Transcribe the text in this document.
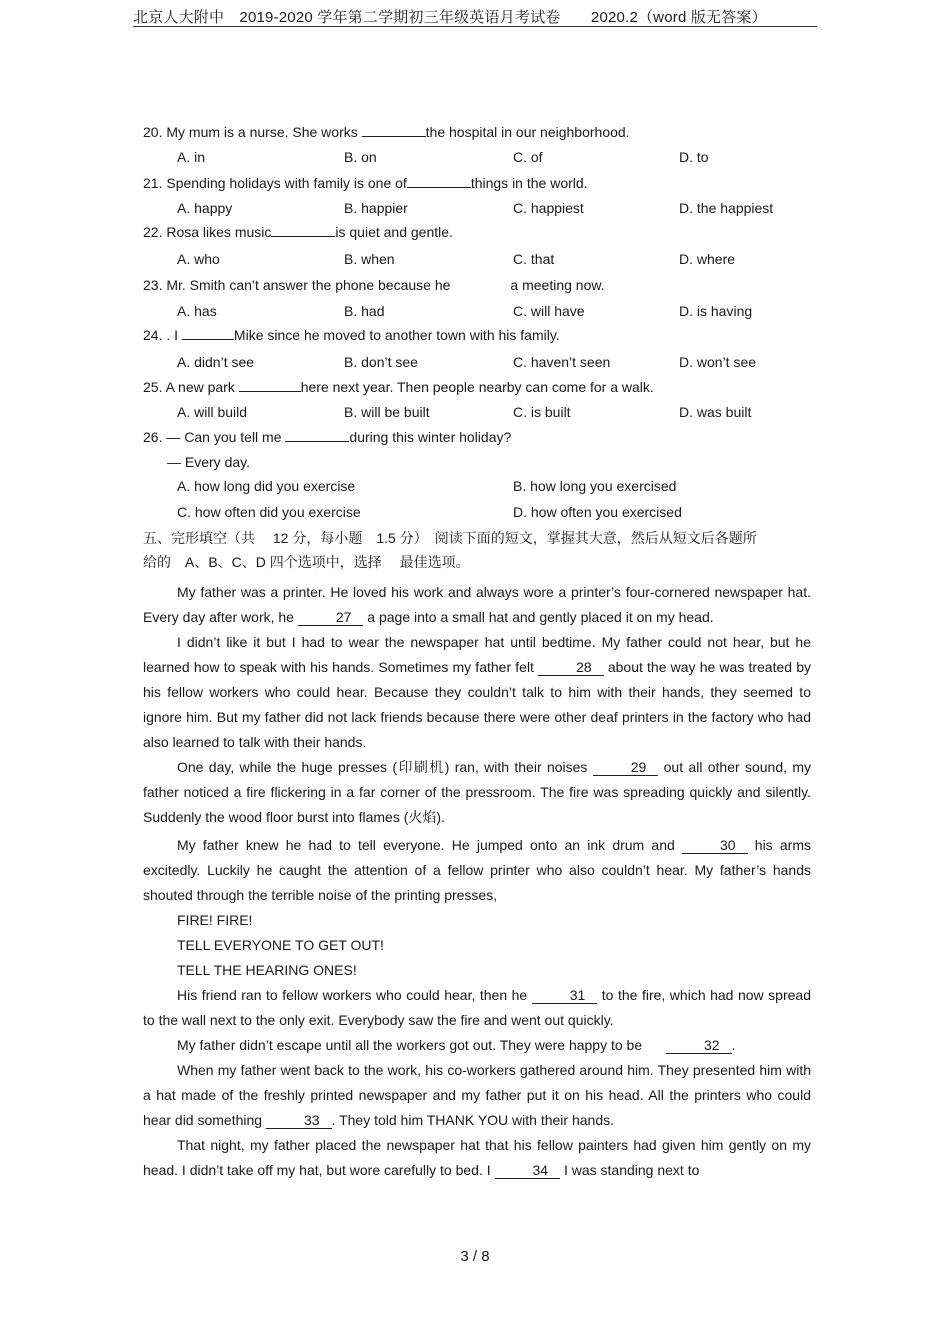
北京人大附中　2019-2020 学年第二学期初三年级英语月考试卷　　2020.2（word 版无答案）
20. My mum is a nurse. She works	the hospital in our neighborhood.
A. in	B. on	C. of	D. to
21. Spending holidays with family is one of	things in the world.
A. happy	B. happier	C. happiest	D. the happiest
22. Rosa likes music	is quiet and gentle.
A. who	B. when	C. that	D. where
23. Mr. Smith can’t answer the phone because he	a meeting now.
A. has	B. had	C. will have	D. is having
24. . I	Mike since he moved to another town with his family.
A. didn’t see	B. don’t see	C. haven’t seen	D. won’t see
25. A new park	here next year. Then people nearby can come for a walk.
A. will build	B. will be built	C. is built	D. was built
26. — Can you tell me	during this winter holiday?
— Every day.
A. how long did you exercise	B. how long you exercised
C. how often did you exercise	D. how often you exercised
五、完形填空（共　 12 分，每小题　1.5 分）　阅读下面的短文，掌握其大意，然后从短文后各题所给的　A、B、C、D 四个选项中，选择　 最佳选项。
My father was a printer. He loved his work and always wore a printer’s four-cornered newspaper hat. Every day after work, he	27 a page into a small hat and gently placed it on my head.
I didn’t like it but I had to wear the newspaper hat until bedtime. My father could not hear, but he learned how to speak with his hands. Sometimes my father felt	28 about the way he was treated by his fellow workers who could hear. Because they couldn’t talk to him with their hands, they seemed to ignore him. But my father did not lack friends because there were other deaf printers in the factory who had also learned to talk with their hands.
One day, while the huge presses (印刷机) ran, with their noises	29 out all other sound, my father noticed a fire flickering in a far corner of the pressroom. The fire was spreading quickly and silently. Suddenly the wood floor burst into flames (火焰).
My father knew he had to tell everyone. He jumped onto an ink drum and	30 his arms excitedly. Luckily he caught the attention of a fellow printer who also couldn’t hear. My father’s hands shouted through the terrible noise of the printing presses,
FIRE! FIRE!
TELL EVERYONE TO GET OUT!
TELL THE HEARING ONES!
His friend ran to fellow workers who could hear, then he	31 to the fire, which had now spread to the wall next to the only exit. Everybody saw the fire and went out quickly.
My father didn’t escape until all the workers got out. They were happy to be	32 .
When my father went back to the work, his co-workers gathered around him. They presented him with a hat made of the freshly printed newspaper and my father put it on his head. All the printers who could hear did something	33 . They told him THANK YOU with their hands.
That night, my father placed the newspaper hat that his fellow painters had given him gently on my head. I didn’t take off my hat, but wore carefully to bed. I	34 I was standing next to
3 / 8
